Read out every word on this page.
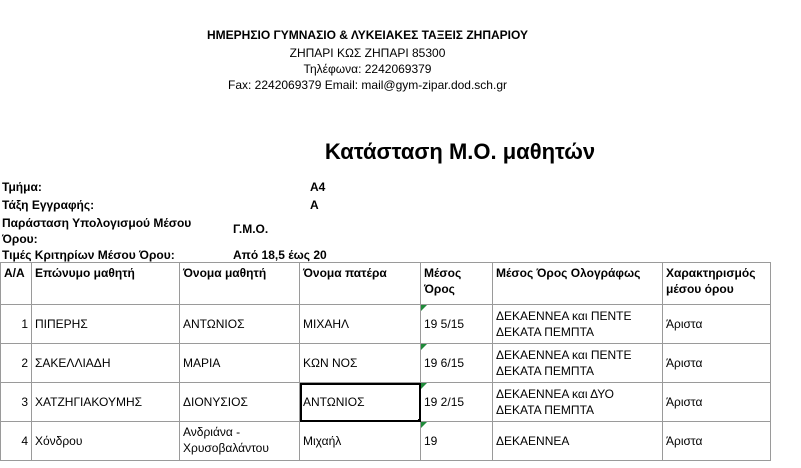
ΗΜΕΡΗΣΙΟ ΓΥΜΝΑΣΙΟ & ΛΥΚΕΙΑΚΕΣ ΤΑΞΕΙΣ ΖΗΠΑΡΙΟΥ
ΖΗΠΑΡΙ ΚΩΣ ΖΗΠΑΡΙ 85300
Τηλέφωνα: 2242069379
Fax: 2242069379 Email: mail@gym-zipar.dod.sch.gr
Κατάσταση Μ.Ο. μαθητών
Τμήμα:	Α4
Τάξη Εγγραφής:	Α
Παράσταση Υπολογισμού Μέσου
Όρου:
Γ.Μ.Ο.
Τιμές Κριτηρίων Μέσου Όρου:	Από 18,5 έως 20
Α/Α	Επώνυμο μαθητή	Όνομα μαθητή	Όνομα πατέρα	Μέσος Όρος	Μέσος Όρος Ολογράφως	Χαρακτηρισμός μέσου όρου
1	ΠΙΠΕΡΗΣ	ΑΝΤΩΝΙΟΣ	ΜΙΧΑΗΛ	19 5/15	ΔΕΚΑΕΝΝΕΑ και ΠΕΝΤΕ ΔΕΚΑΤΑ ΠΕΜΠΤΑ	Άριστα
2	ΣΑΚΕΛΛΙΑΔΗ	ΜΑΡΙΑ	ΚΩΝ ΝΟΣ	19 6/15	ΔΕΚΑΕΝΝΕΑ και ΠΕΝΤΕ ΔΕΚΑΤΑ ΠΕΜΠΤΑ	Άριστα
3	ΧΑΤΖΗΓΙΑΚΟΥΜΗΣ	ΔΙΟΝΥΣΙΟΣ	ΑΝΤΩΝΙΟΣ	19 2/15	ΔΕΚΑΕΝΝΕΑ και ΔΥΟ ΔΕΚΑΤΑ ΠΕΜΠΤΑ	Άριστα
4	Χόνδρου	Ανδριάνα - Χρυσοβαλάντου	Μιχαήλ	19	ΔΕΚΑΕΝΝΕΑ	Άριστα
